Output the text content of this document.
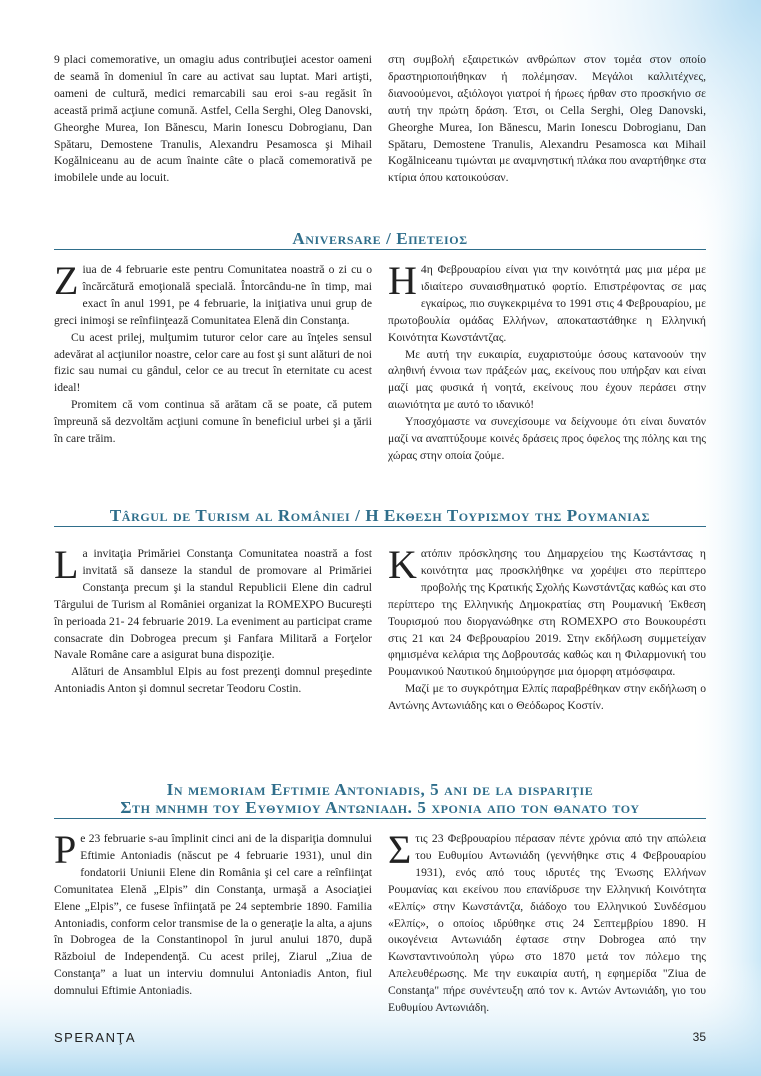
9 placi comemorative, un omagiu adus contribuţiei acestor oameni de seamă în domeniul în care au activat sau luptat. Mari artişti, oameni de cultură, medici remarcabili sau eroi s-au regăsit în această primă acţiune comună. Astfel, Cella Serghi, Oleg Danovski, Gheorghe Murea, Ion Bănescu, Marin Ionescu Dobrogianu, Dan Spătaru, Demostene Tranulis, Alexandru Pesamosca şi Mihail Kogălniceanu au de acum înainte câte o placă comemorativă pe imobilele unde au locuit.

στη συμβολή εξαιρετικών ανθρώπων στον τομέα στον οποίο δραστηριοποιήθηκαν ή πολέμησαν. Μεγάλοι καλλιτέχνες, διανοούμενοι, αξιόλογοι γιατροί ή ήρωες ήρθαν στο προσκήνιο σε αυτή την πρώτη δράση. Έτσι, οι Cella Serghi, Oleg Danovski, Gheorghe Murea, Ion Bănescu, Marin Ionescu Dobrogianu, Dan Spătaru, Demostene Tranulis, Alexandru Pesamosca και Mihail Kogălniceanu τιμώνται με αναμνηστική πλάκα που αναρτήθηκε στα κτίρια όπου κατοικούσαν.

Aniversare / Επετειος

Ziua de 4 februarie este pentru Comunitatea noastră o zi cu o încărcătură emoţională specială. Întorcându-ne în timp, mai exact în anul 1991, pe 4 februarie, la iniţiativa unui grup de greci inimoşi se reînfiinţează Comunitatea Elenă din Constanţa.

Cu acest prilej, mulţumim tuturor celor care au înţeles sensul adevărat al acţiunilor noastre, celor care au fost şi sunt alături de noi fizic sau numai cu gândul, celor ce au trecut în eternitate cu acest ideal!

Promitem că vom continua să arătam că se poate, că putem împreună să dezvoltăm acţiuni comune în beneficiul urbei şi a ţării în care trăim.

Η 4η Φεβρουαρίου είναι για την κοινότητά μας μια μέρα με ιδιαίτερο συναισθηματικό φορτίο. Επιστρέφοντας σε μας εγκαίρως, πιο συγκεκριμένα το 1991 στις 4 Φεβρουαρίου, με πρωτοβουλία ομάδας Ελλήνων, αποκαταστάθηκε η Ελληνική Κοινότητα Κωνστάντζας.

Με αυτή την ευκαιρία, ευχαριστούμε όσους κατανοούν την αληθινή έννοια των πράξεών μας, εκείνους που υπήρξαν και είναι μαζί μας φυσικά ή νοητά, εκείνους που έχουν περάσει στην αιωνιότητα με αυτό το ιδανικό!

Υποσχόμαστε να συνεχίσουμε να δείχνουμε ότι είναι δυνατόν μαζί να αναπτύξουμε κοινές δράσεις προς όφελος της πόλης και της χώρας στην οποία ζούμε.

Târgul de Turism al României / Η Εκθεση Τουρισμου της Ρουμανιας

La invitaţia Primăriei Constanţa Comunitatea noastră a fost invitată să danseze la standul de promovare al Primăriei Constanţa precum şi la standul Republicii Elene din cadrul Târgului de Turism al României organizat la ROMEXPO Bucureşti în perioada 21- 24 februarie 2019. La eveniment au participat crame consacrate din Dobrogea precum şi Fanfara Militară a Forţelor Navale Române care a asigurat buna dispoziţie.

Alături de Ansamblul Elpis au fost prezenţi domnul preşedinte Antoniadis Anton şi domnul secretar Teodoru Costin.

Κατόπιν πρόσκλησης του Δημαρχείου της Κωστάντσας η κοινότητα μας προσκλήθηκε να χορέψει στο περίπτερο προβολής της Κρατικής Σχολής Κωνστάντζας καθώς και στο περίπτερο της Ελληνικής Δημοκρατίας στη Ρουμανική Έκθεση Τουρισμού που διοργανώθηκε στη ROMEXPO στο Βουκουρέστι στις 21 και 24 Φεβρουαρίου 2019. Στην εκδήλωση συμμετείχαν φημισμένα κελάρια της Δοβρουτσάς καθώς και η Φιλαρμονική του Ρουμανικού Ναυτικού δημιούργησε μια όμορφη ατμόσφαιρα.

Μαζί με το συγκρότημα Ελπίς παραβρέθηκαν στην εκδήλωση ο Αντώνης Αντωνιάδης και ο Θεόδωρος Κοστίν.

In memoriam Eftimie Antoniadis, 5 ani de la dispariţie
Στη μνημη του Ευθυμιου Αντωνιαδη. 5 χρονια απο τον θανατο του

Pe 23 februarie s-au împlinit cinci ani de la dispariţia domnului Eftimie Antoniadis (născut pe 4 februarie 1931), unul din fondatorii Uniunii Elene din România şi cel care a reînfiinţat Comunitatea Elenă „Elpis” din Constanţa, urmaşă a Asociaţiei Elene „Elpis”, ce fusese înfiinţată pe 24 septembrie 1890. Familia Antoniadis, conform celor transmise de la o generaţie la alta, a ajuns în Dobrogea de la Constantinopol în jurul anului 1870, după Războiul de Independenţă. Cu acest prilej, Ziarul „Ziua de Constanţa” a luat un interviu domnului Antoniadis Anton, fiul domnului Eftimie Antoniadis.

Στις 23 Φεβρουαρίου πέρασαν πέντε χρόνια από την απώλεια του Ευθυμίου Αντωνιάδη (γεννήθηκε στις 4 Φεβρουαρίου 1931), ενός από τους ιδρυτές της Ένωσης Ελλήνων Ρουμανίας και εκείνου που επανίδρυσε την Ελληνική Κοινότητα «Ελπίς» στην Κωνστάντζα, διάδοχο του Ελληνικού Συνδέσμου «Ελπίς», ο οποίος ιδρύθηκε στις 24 Σεπτεμβρίου 1890. Η οικογένεια Αντωνιάδη έφτασε στην Dobrogea από την Κωνσταντινούπολη γύρω στο 1870 μετά τον πόλεμο της Απελευθέρωσης. Με την ευκαιρία αυτή, η εφημερίδα "Ziua de Constanţa" πήρε συνέντευξη από τον κ. Αντών Αντωνιάδη, γιο του Ευθυμίου Αντωνιάδη.

SPERANŢA	35
